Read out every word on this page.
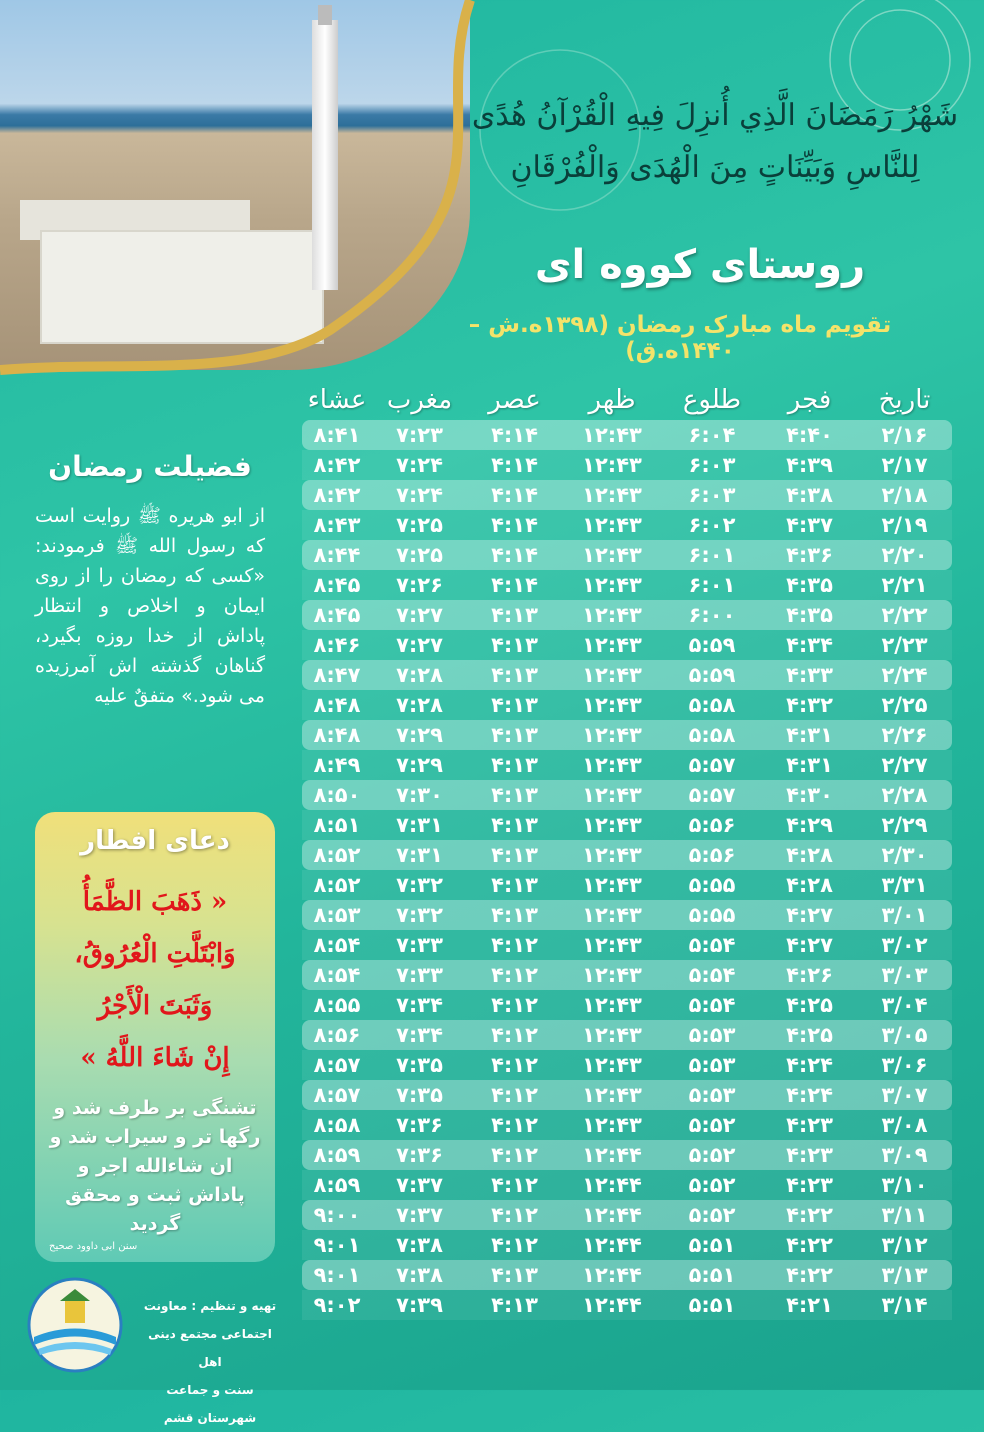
شَهْرُ رَمَضَانَ الَّذِي أُنزِلَ فِيهِ الْقُرْآنُ هُدًى
لِلنَّاسِ وَبَيِّنَاتٍ مِنَ الْهُدَى وَالْفُرْقَانِ
روستای کووه ای
تقویم ماه مبارک رمضان (۱۳۹۸ه.ش – ۱۴۴۰ه.ق)
تاریخ
فجر
طلوع
ظهر
عصر
مغرب
عشاء
۲/۱۶
۴:۴۰
۶:۰۴
۱۲:۴۳
۴:۱۴
۷:۲۳
۸:۴۱
۲/۱۷
۴:۳۹
۶:۰۳
۱۲:۴۳
۴:۱۴
۷:۲۴
۸:۴۲
۲/۱۸
۴:۳۸
۶:۰۳
۱۲:۴۳
۴:۱۴
۷:۲۴
۸:۴۲
۲/۱۹
۴:۳۷
۶:۰۲
۱۲:۴۳
۴:۱۴
۷:۲۵
۸:۴۳
۲/۲۰
۴:۳۶
۶:۰۱
۱۲:۴۳
۴:۱۴
۷:۲۵
۸:۴۴
۲/۲۱
۴:۳۵
۶:۰۱
۱۲:۴۳
۴:۱۴
۷:۲۶
۸:۴۵
۲/۲۲
۴:۳۵
۶:۰۰
۱۲:۴۳
۴:۱۳
۷:۲۷
۸:۴۵
۲/۲۳
۴:۳۴
۵:۵۹
۱۲:۴۳
۴:۱۳
۷:۲۷
۸:۴۶
۲/۲۴
۴:۳۳
۵:۵۹
۱۲:۴۳
۴:۱۳
۷:۲۸
۸:۴۷
۲/۲۵
۴:۳۲
۵:۵۸
۱۲:۴۳
۴:۱۳
۷:۲۸
۸:۴۸
۲/۲۶
۴:۳۱
۵:۵۸
۱۲:۴۳
۴:۱۳
۷:۲۹
۸:۴۸
۲/۲۷
۴:۳۱
۵:۵۷
۱۲:۴۳
۴:۱۳
۷:۲۹
۸:۴۹
۲/۲۸
۴:۳۰
۵:۵۷
۱۲:۴۳
۴:۱۳
۷:۳۰
۸:۵۰
۲/۲۹
۴:۲۹
۵:۵۶
۱۲:۴۳
۴:۱۳
۷:۳۱
۸:۵۱
۲/۳۰
۴:۲۸
۵:۵۶
۱۲:۴۳
۴:۱۳
۷:۳۱
۸:۵۲
۳/۳۱
۴:۲۸
۵:۵۵
۱۲:۴۳
۴:۱۳
۷:۳۲
۸:۵۲
۳/۰۱
۴:۲۷
۵:۵۵
۱۲:۴۳
۴:۱۳
۷:۳۲
۸:۵۳
۳/۰۲
۴:۲۷
۵:۵۴
۱۲:۴۳
۴:۱۲
۷:۳۳
۸:۵۴
۳/۰۳
۴:۲۶
۵:۵۴
۱۲:۴۳
۴:۱۲
۷:۳۳
۸:۵۴
۳/۰۴
۴:۲۵
۵:۵۴
۱۲:۴۳
۴:۱۲
۷:۳۴
۸:۵۵
۳/۰۵
۴:۲۵
۵:۵۳
۱۲:۴۳
۴:۱۲
۷:۳۴
۸:۵۶
۳/۰۶
۴:۲۴
۵:۵۳
۱۲:۴۳
۴:۱۲
۷:۳۵
۸:۵۷
۳/۰۷
۴:۲۴
۵:۵۳
۱۲:۴۳
۴:۱۲
۷:۳۵
۸:۵۷
۳/۰۸
۴:۲۳
۵:۵۲
۱۲:۴۳
۴:۱۲
۷:۳۶
۸:۵۸
۳/۰۹
۴:۲۳
۵:۵۲
۱۲:۴۴
۴:۱۲
۷:۳۶
۸:۵۹
۳/۱۰
۴:۲۳
۵:۵۲
۱۲:۴۴
۴:۱۲
۷:۳۷
۸:۵۹
۳/۱۱
۴:۲۲
۵:۵۲
۱۲:۴۴
۴:۱۲
۷:۳۷
۹:۰۰
۳/۱۲
۴:۲۲
۵:۵۱
۱۲:۴۴
۴:۱۲
۷:۳۸
۹:۰۱
۳/۱۳
۴:۲۲
۵:۵۱
۱۲:۴۴
۴:۱۳
۷:۳۸
۹:۰۱
۳/۱۴
۴:۲۱
۵:۵۱
۱۲:۴۴
۴:۱۳
۷:۳۹
۹:۰۲
فضیلت رمضان

از ابو هریره ﷺ روایت است که رسول الله ﷺ فرمودند: «کسی که رمضان را از روی ایمان و اخلاص و انتظار پاداش از خدا روزه بگیرد، گناهان گذشته اش آمرزیده می شود.» متفقٌ علیه

دعای افطار
« ذَهَبَ الظَّمَأُ
وَابْتَلَّتِ الْعُرُوقُ،
وَثَبَتَ الْأَجْرُ
إِنْ شَاءَ اللَّهُ »
تشنگی بر طرف شد و رگها تر و سیراب شد و ان شاءالله اجر و پاداش ثبت و محقق گردید
سنن ابی داوود صحیح
تهیه و تنظیم : معاونت
اجتماعی مجتمع دینی اهل
سنت و جماعت شهرستان قشم
